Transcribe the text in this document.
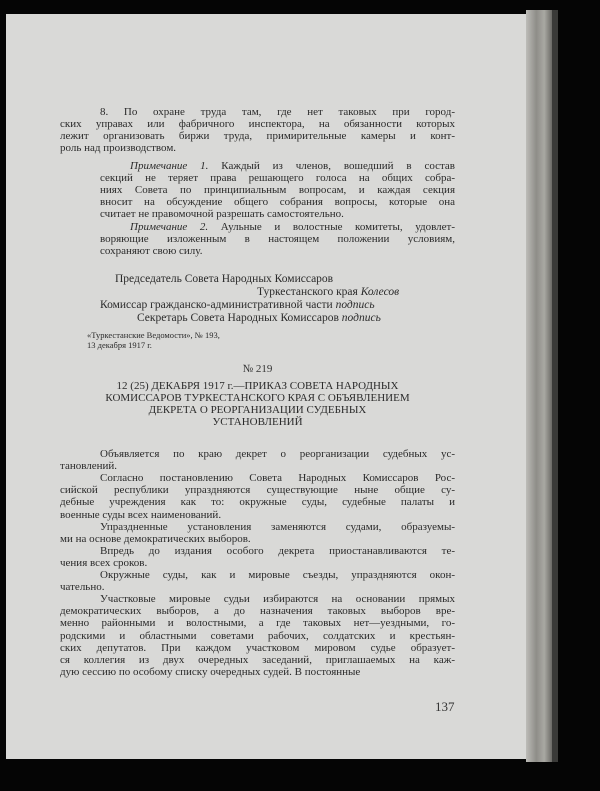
8. По охране труда там, где нет таковых при город-
ских управах или фабричного инспектора, на обязанности которых
лежит организовать биржи труда, примирительные камеры и конт-
роль над производством.
Примечание 1. Каждый из членов, вошедший в состав
секций не теряет права решающего голоса на общих собра-
ниях Совета по принципиальным вопросам, и каждая секция
вносит на обсуждение общего собрания вопросы, которые она
считает не правомочной разрешать самостоятельно.
Примечание 2. Аульные и волостные комитеты, удовлет-
воряющие изложенным в настоящем положении условиям,
сохраняют свою силу.
Председатель Совета Народных Комиссаров
Туркестанского края Колесов
Комиссар гражданско-административной части подпись
Секретарь Совета Народных Комиссаров подпись
«Туркестанские Ведомости», № 193,
13 декабря 1917 г.
№ 219
12 (25) ДЕКАБРЯ 1917 г.—ПРИКАЗ СОВЕТА НАРОДНЫХ
КОМИССАРОВ ТУРКЕСТАНСКОГО КРАЯ С ОБЪЯВЛЕНИЕМ
ДЕКРЕТА О РЕОРГАНИЗАЦИИ СУДЕБНЫХ
УСТАНОВЛЕНИЙ
Объявляется по краю декрет о реорганизации судебных ус-
тановлений.
Согласно постановлению Совета Народных Комиссаров Рос-
сийской республики упраздняются существующие ныне общие су-
дебные учреждения как то: окружные суды, судебные палаты и
военные суды всех наименований.
Упраздненные установления заменяются судами, образуемы-
ми на основе демократических выборов.
Впредь до издания особого декрета приостанавливаются те-
чения всех сроков.
Окружные суды, как и мировые съезды, упраздняются окон-
чательно.
Участковые мировые судьи избираются на основании прямых
демократических выборов, а до назначения таковых выборов вре-
менно районными и волостными, а где таковых нет—уездными, го-
родскими и областными советами рабочих, солдатских и крестьян-
ских депутатов. При каждом участковом мировом судье образует-
ся коллегия из двух очередных заседаний, приглашаемых на каж-
дую сессию по особому списку очередных судей. В постоянные
137
